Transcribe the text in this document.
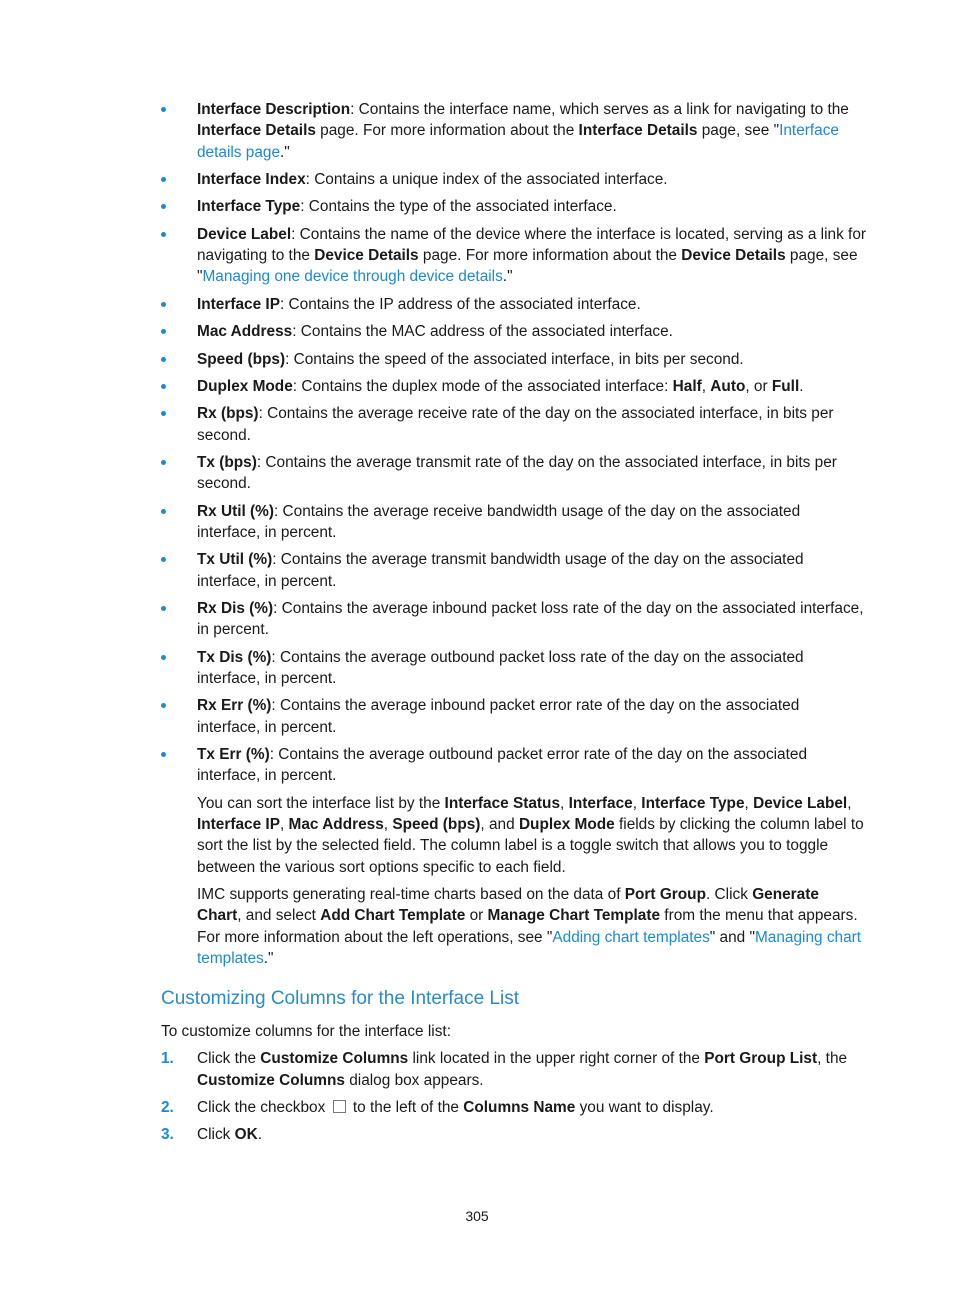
Interface Description: Contains the interface name, which serves as a link for navigating to the Interface Details page. For more information about the Interface Details page, see "Interface details page."
Interface Index: Contains a unique index of the associated interface.
Interface Type: Contains the type of the associated interface.
Device Label: Contains the name of the device where the interface is located, serving as a link for navigating to the Device Details page. For more information about the Device Details page, see "Managing one device through device details."
Interface IP: Contains the IP address of the associated interface.
Mac Address: Contains the MAC address of the associated interface.
Speed (bps): Contains the speed of the associated interface, in bits per second.
Duplex Mode: Contains the duplex mode of the associated interface: Half, Auto, or Full.
Rx (bps): Contains the average receive rate of the day on the associated interface, in bits per second.
Tx (bps): Contains the average transmit rate of the day on the associated interface, in bits per second.
Rx Util (%): Contains the average receive bandwidth usage of the day on the associated interface, in percent.
Tx Util (%): Contains the average transmit bandwidth usage of the day on the associated interface, in percent.
Rx Dis (%): Contains the average inbound packet loss rate of the day on the associated interface, in percent.
Tx Dis (%): Contains the average outbound packet loss rate of the day on the associated interface, in percent.
Rx Err (%): Contains the average inbound packet error rate of the day on the associated interface, in percent.
Tx Err (%): Contains the average outbound packet error rate of the day on the associated interface, in percent.

You can sort the interface list by the Interface Status, Interface, Interface Type, Device Label, Interface IP, Mac Address, Speed (bps), and Duplex Mode fields by clicking the column label to sort the list by the selected field. The column label is a toggle switch that allows you to toggle between the various sort options specific to each field.

IMC supports generating real-time charts based on the data of Port Group. Click Generate Chart, and select Add Chart Template or Manage Chart Template from the menu that appears. For more information about the left operations, see "Adding chart templates" and "Managing chart templates."

Customizing Columns for the Interface List

To customize columns for the interface list:

1. Click the Customize Columns link located in the upper right corner of the Port Group List, the Customize Columns dialog box appears.
2. Click the checkbox  to the left of the Columns Name you want to display.
3. Click OK.
305
